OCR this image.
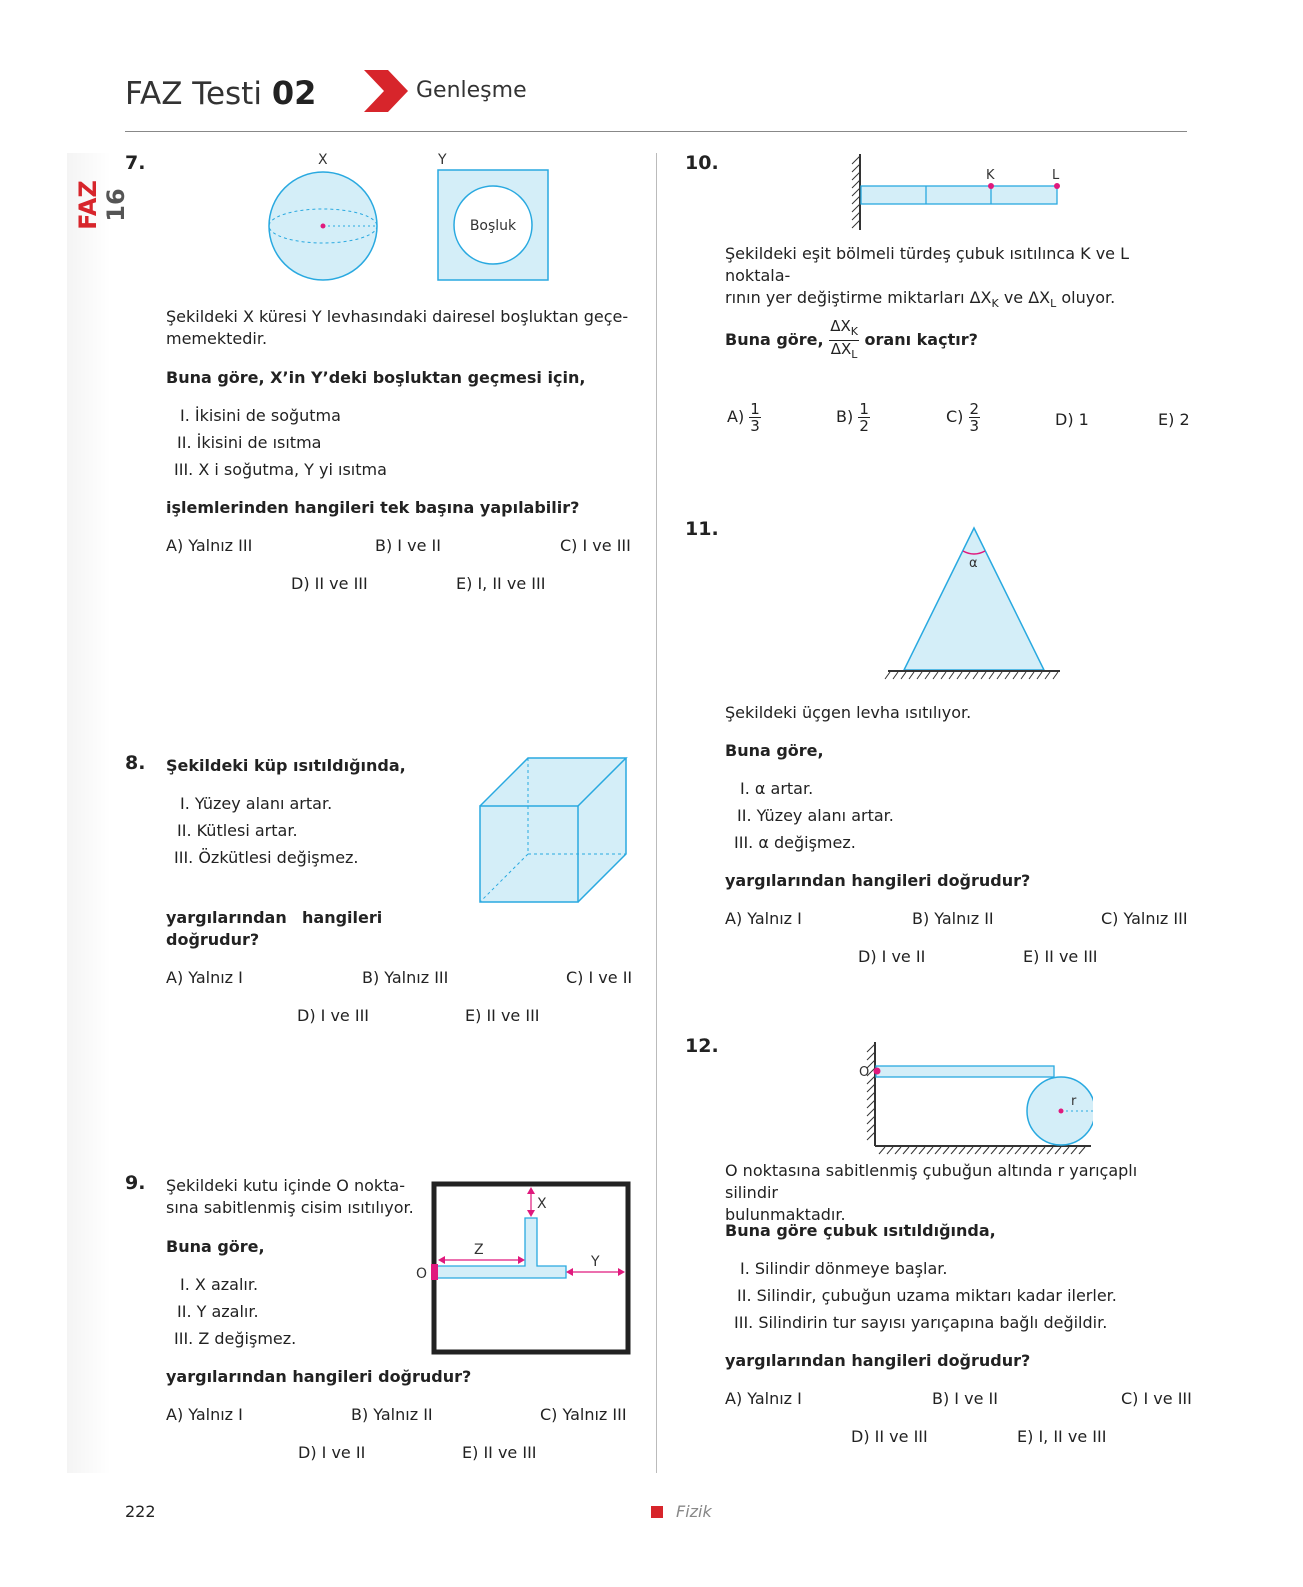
FAZ Testi 02	Genleşme
FAZ 16
7.	X	Y
Boşluk
Şekildeki X küresi Y levhasındaki dairesel boşluktan geçe-
memektedir.
Buna göre, X’in Y’deki boşluktan geçmesi için,
I. İkisini de soğutma
II. İkisini de ısıtma
III. X i soğutma, Y yi ısıtma
işlemlerinden hangileri tek başına yapılabilir?
A) Yalnız III	B) I ve II	C) I ve III
D) II ve III	E) I, II ve III
8. Şekildeki küp ısıtıldığında,
I. Yüzey alanı artar.
II. Kütlesi artar.
III. Özkütlesi değişmez.
yargılarından hangileri
doğrudur?
A) Yalnız I	B) Yalnız III	C) I ve II
D) I ve III	E) II ve III
9. Şekildeki kutu içinde O nokta-
sına sabitlenmiş cisim ısıtılıyor.
Buna göre,
I. X azalır.
II. Y azalır.
III. Z değişmez.
O
X
Z
Y
yargılarından hangileri doğrudur?
A) Yalnız I	B) Yalnız II	C) Yalnız III
D) I ve II	E) II ve III
10.
K	L
Şekildeki eşit bölmeli türdeş çubuk ısıtılınca K ve L noktala-
rının yer değiştirme miktarları $\Delta X_K$ ve $\Delta X_L$ oluyor.
Buna göre, $\frac{\Delta X_K}{\Delta X_L}$ oranı kaçtır?
$A) \frac{1}{3}$	$B) \frac{1}{2}$	$C) \frac{2}{3}$	D) 1	E) 2
11.
α
Şekildeki üçgen levha ısıtılıyor.
Buna göre,
I. α artar.
II. Yüzey alanı artar.
III. α değişmez.
yargılarından hangileri doğrudur?
A) Yalnız I	B) Yalnız II	C) Yalnız III
D) I ve II	E) II ve III
12.
O
r
O noktasına sabitlenmiş çubuğun altında r yarıçaplı silindir
bulunmaktadır.
Buna göre çubuk ısıtıldığında,
I. Silindir dönmeye başlar.
II. Silindir, çubuğun uzama miktarı kadar ilerler.
III. Silindirin tur sayısı yarıçapına bağlı değildir.
yargılarından hangileri doğrudur?
A) Yalnız I	B) I ve II	C) I ve III
D) II ve III	E) I, II ve III
222	Fizik
